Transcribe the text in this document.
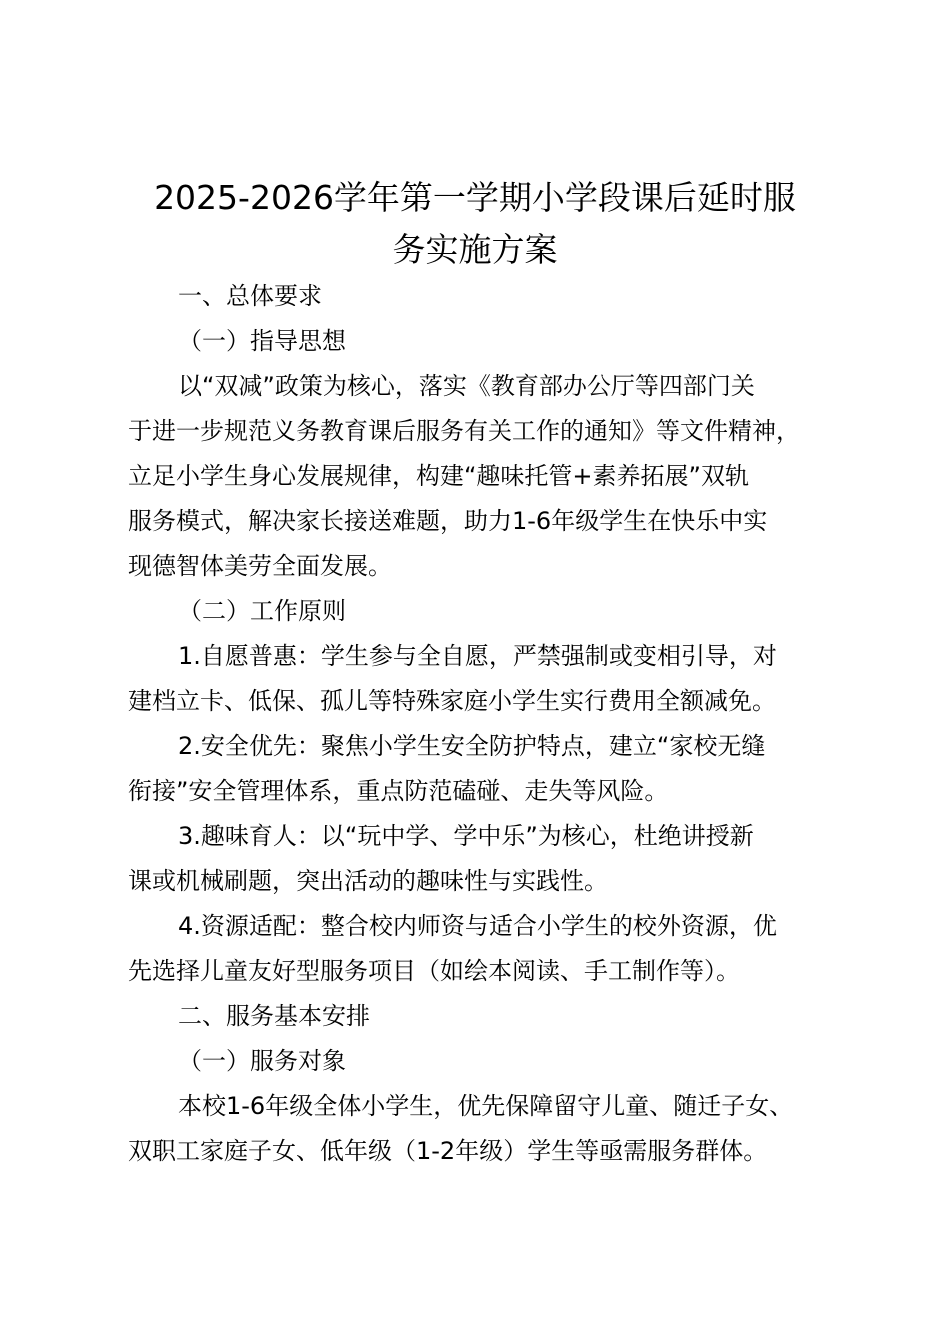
2025-2026学年第一学期小学段课后延时服
务实施方案

一、总体要求

（一）指导思想

以“双减”政策为核心，落实《教育部办公厅等四部门关
于进一步规范义务教育课后服务有关工作的通知》等文件精神，
立足小学生身心发展规律，构建“趣味托管+素养拓展”双轨
服务模式，解决家长接送难题，助力1-6年级学生在快乐中实
现德智体美劳全面发展。

（二）工作原则

1.自愿普惠：学生参与全自愿，严禁强制或变相引导，对
建档立卡、低保、孤儿等特殊家庭小学生实行费用全额减免。

2.安全优先：聚焦小学生安全防护特点，建立“家校无缝
衔接”安全管理体系，重点防范磕碰、走失等风险。

3.趣味育人：以“玩中学、学中乐”为核心，杜绝讲授新
课或机械刷题，突出活动的趣味性与实践性。

4.资源适配：整合校内师资与适合小学生的校外资源，优
先选择儿童友好型服务项目（如绘本阅读、手工制作等）。

二、服务基本安排

（一）服务对象

本校1-6年级全体小学生，优先保障留守儿童、随迁子女、
双职工家庭子女、低年级（1-2年级）学生等亟需服务群体。
